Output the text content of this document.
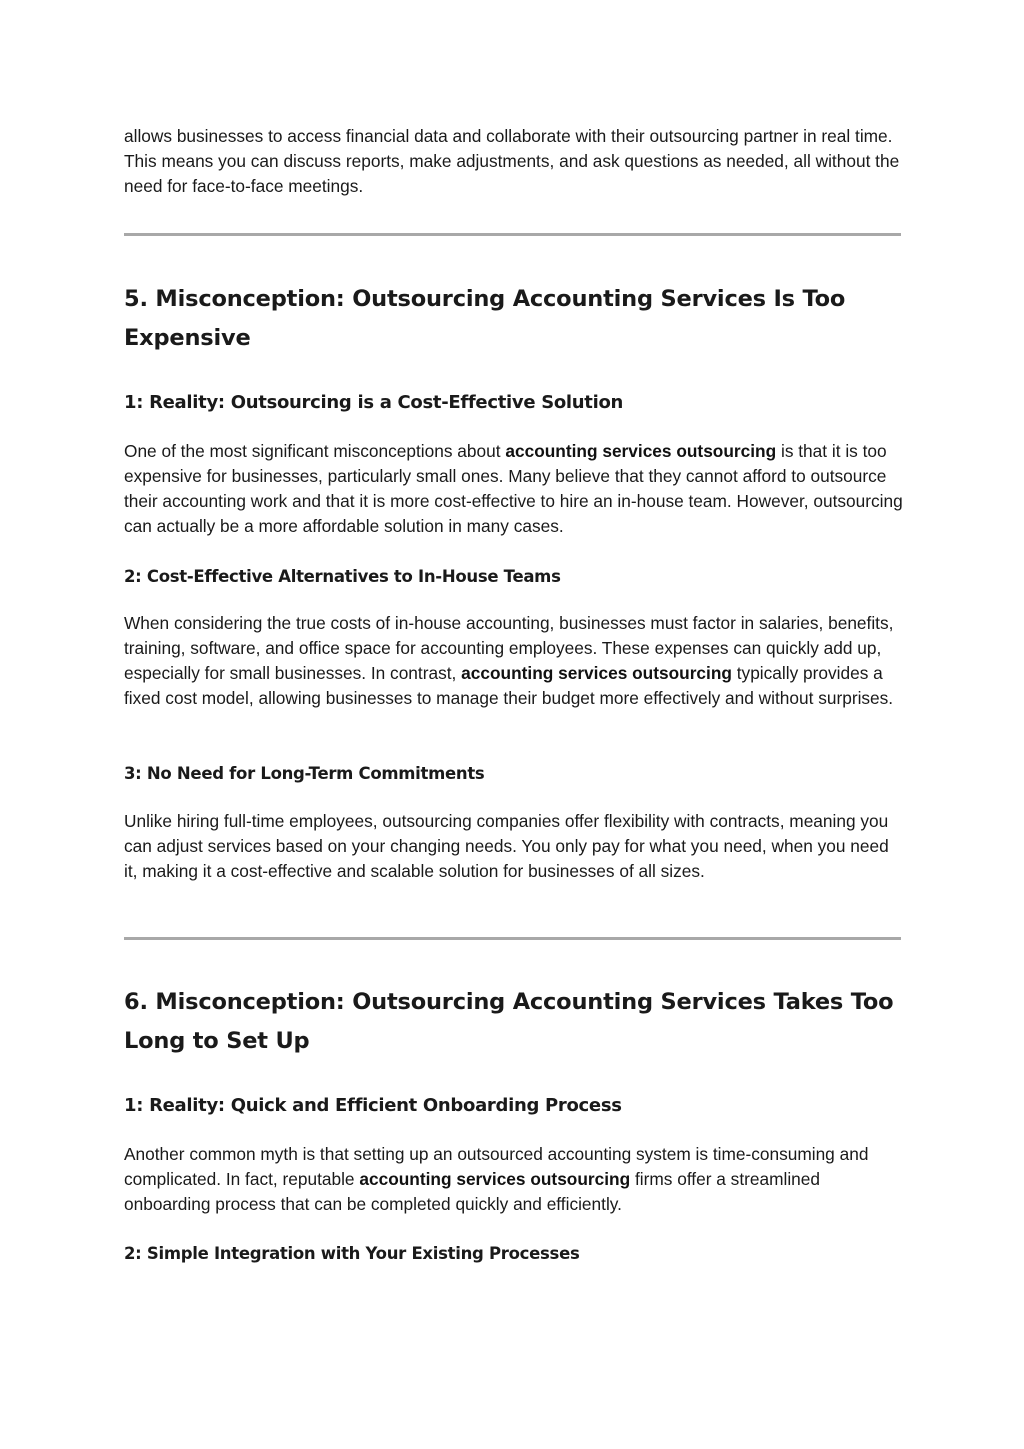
allows businesses to access financial data and collaborate with their outsourcing partner in real time. This means you can discuss reports, make adjustments, and ask questions as needed, all without the need for face-to-face meetings.

5. Misconception: Outsourcing Accounting Services Is Too Expensive
1: Reality: Outsourcing is a Cost-Effective Solution

One of the most significant misconceptions about accounting services outsourcing is that it is too expensive for businesses, particularly small ones. Many believe that they cannot afford to outsource their accounting work and that it is more cost-effective to hire an in-house team. However, outsourcing can actually be a more affordable solution in many cases.

2: Cost-Effective Alternatives to In-House Teams

When considering the true costs of in-house accounting, businesses must factor in salaries, benefits, training, software, and office space for accounting employees. These expenses can quickly add up, especially for small businesses. In contrast, accounting services outsourcing typically provides a fixed cost model, allowing businesses to manage their budget more effectively and without surprises.

3: No Need for Long-Term Commitments

Unlike hiring full-time employees, outsourcing companies offer flexibility with contracts, meaning you can adjust services based on your changing needs. You only pay for what you need, when you need it, making it a cost-effective and scalable solution for businesses of all sizes.

6. Misconception: Outsourcing Accounting Services Takes Too Long to Set Up
1: Reality: Quick and Efficient Onboarding Process

Another common myth is that setting up an outsourced accounting system is time-consuming and complicated. In fact, reputable accounting services outsourcing firms offer a streamlined onboarding process that can be completed quickly and efficiently.

2: Simple Integration with Your Existing Processes
